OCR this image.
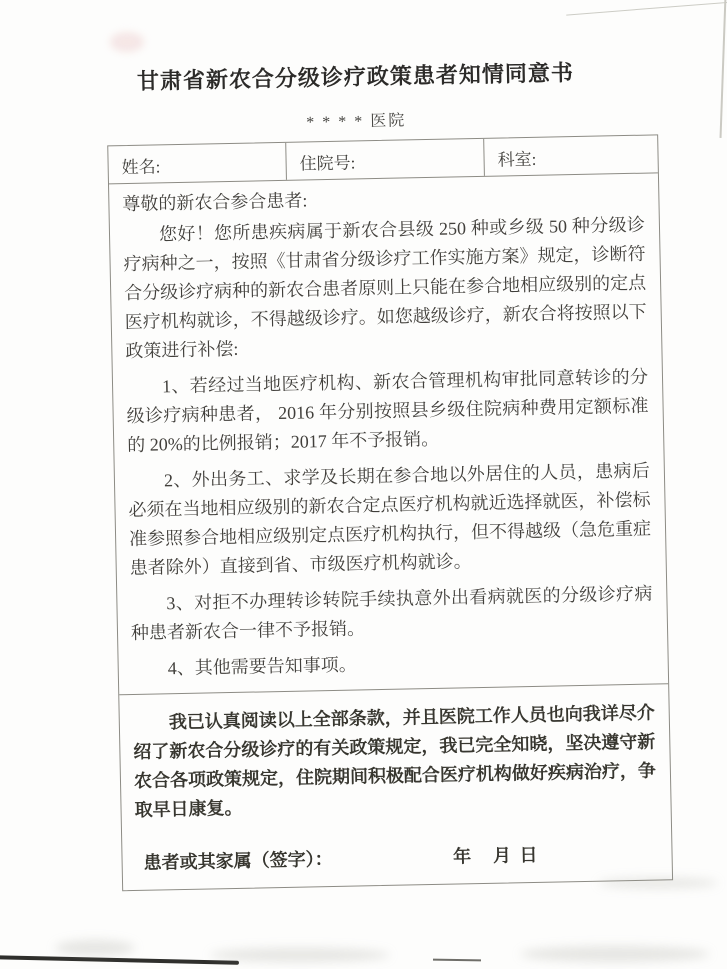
甘肃省新农合分级诊疗政策患者知情同意书
* * * * 医院
姓名:	住院号:	科室:

尊敬的新农合参合患者:

您好！您所患疾病属于新农合县级 250 种或乡级 50 种分级诊疗病种之一，按照《甘肃省分级诊疗工作实施方案》规定，诊断符合分级诊疗病种的新农合患者原则上只能在参合地相应级别的定点医疗机构就诊，不得越级诊疗。如您越级诊疗，新农合将按照以下政策进行补偿:

1、若经过当地医疗机构、新农合管理机构审批同意转诊的分级诊疗病种患者， 2016 年分别按照县乡级住院病种费用定额标准的 20%的比例报销；2017 年不予报销。

2、外出务工、求学及长期在参合地以外居住的人员，患病后必须在当地相应级别的新农合定点医疗机构就近选择就医，补偿标准参照参合地相应级别定点医疗机构执行，但不得越级（急危重症患者除外）直接到省、市级医疗机构就诊。

3、对拒不办理转诊转院手续执意外出看病就医的分级诊疗病种患者新农合一律不予报销。

4、其他需要告知事项。

我已认真阅读以上全部条款，并且医院工作人员也向我详尽介绍了新农合分级诊疗的有关政策规定，我已完全知晓，坚决遵守新农合各项政策规定，住院期间积极配合医疗机构做好疾病治疗，争取早日康复。

患者或其家属（签字）：	年　月 日
